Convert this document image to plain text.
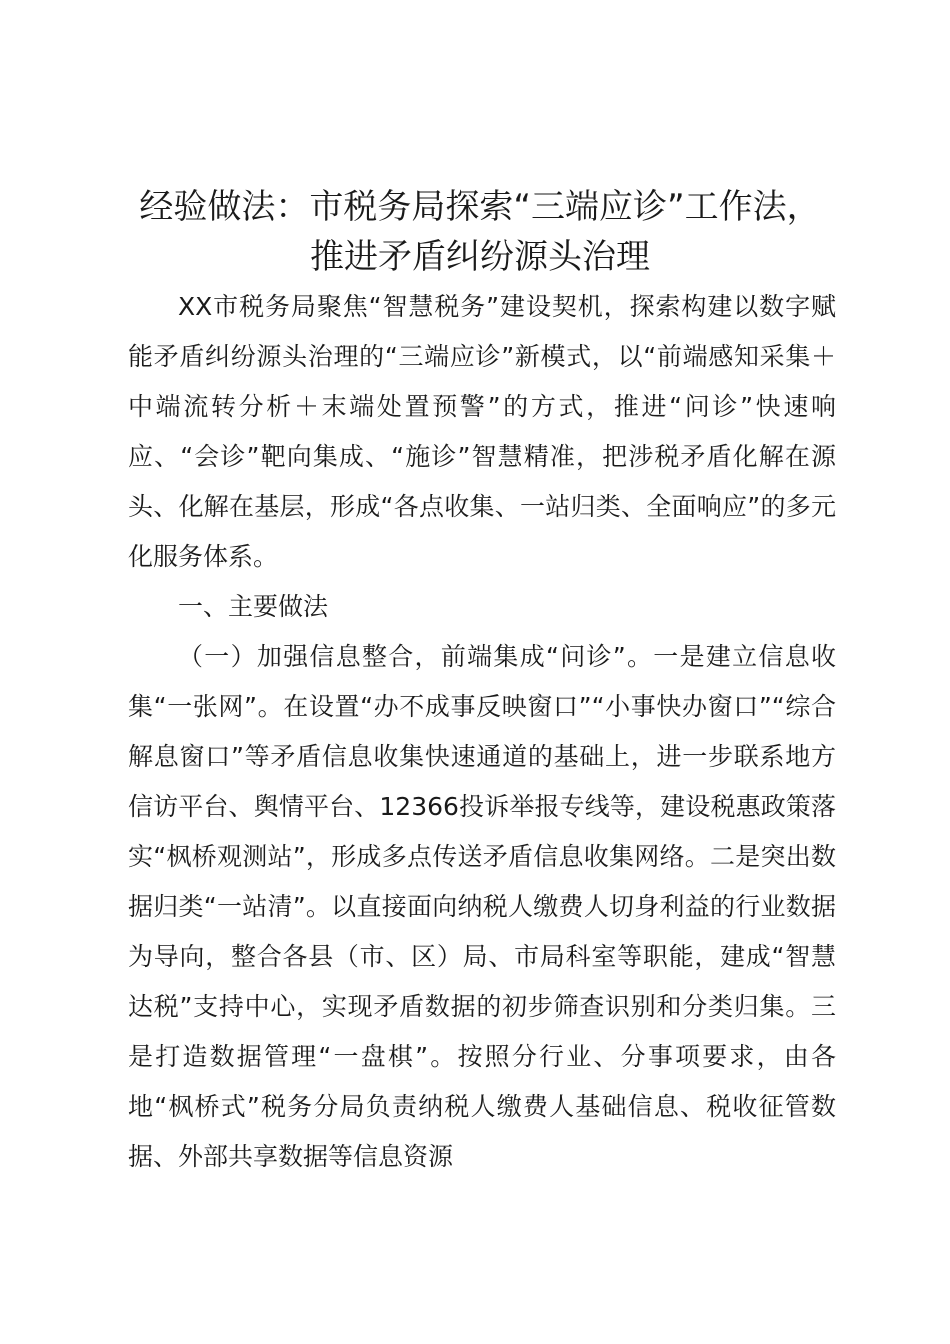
经验做法：市税务局探索“三端应诊”工作法，
推进矛盾纠纷源头治理

XX市税务局聚焦“智慧税务”建设契机，探索构建以数字赋能矛盾纠纷源头治理的“三端应诊”新模式，以“前端感知采集＋中端流转分析＋末端处置预警”的方式，推进“问诊”快速响应、“会诊”靶向集成、“施诊”智慧精准，把涉税矛盾化解在源头、化解在基层，形成“各点收集、一站归类、全面响应”的多元化服务体系。

一、主要做法

（一）加强信息整合，前端集成“问诊”。一是建立信息收集“一张网”。在设置“办不成事反映窗口”“小事快办窗口”“综合解息窗口”等矛盾信息收集快速通道的基础上，进一步联系地方信访平台、舆情平台、12366投诉举报专线等，建设税惠政策落实“枫桥观测站”，形成多点传送矛盾信息收集网络。二是突出数据归类“一站清”。以直接面向纳税人缴费人切身利益的行业数据为导向，整合各县（市、区）局、市局科室等职能，建成“智慧达税”支持中心，实现矛盾数据的初步筛查识别和分类归集。三是打造数据管理“一盘棋”。按照分行业、分事项要求，由各地“枫桥式”税务分局负责纳税人缴费人基础信息、税收征管数据、外部共享数据等信息资源
